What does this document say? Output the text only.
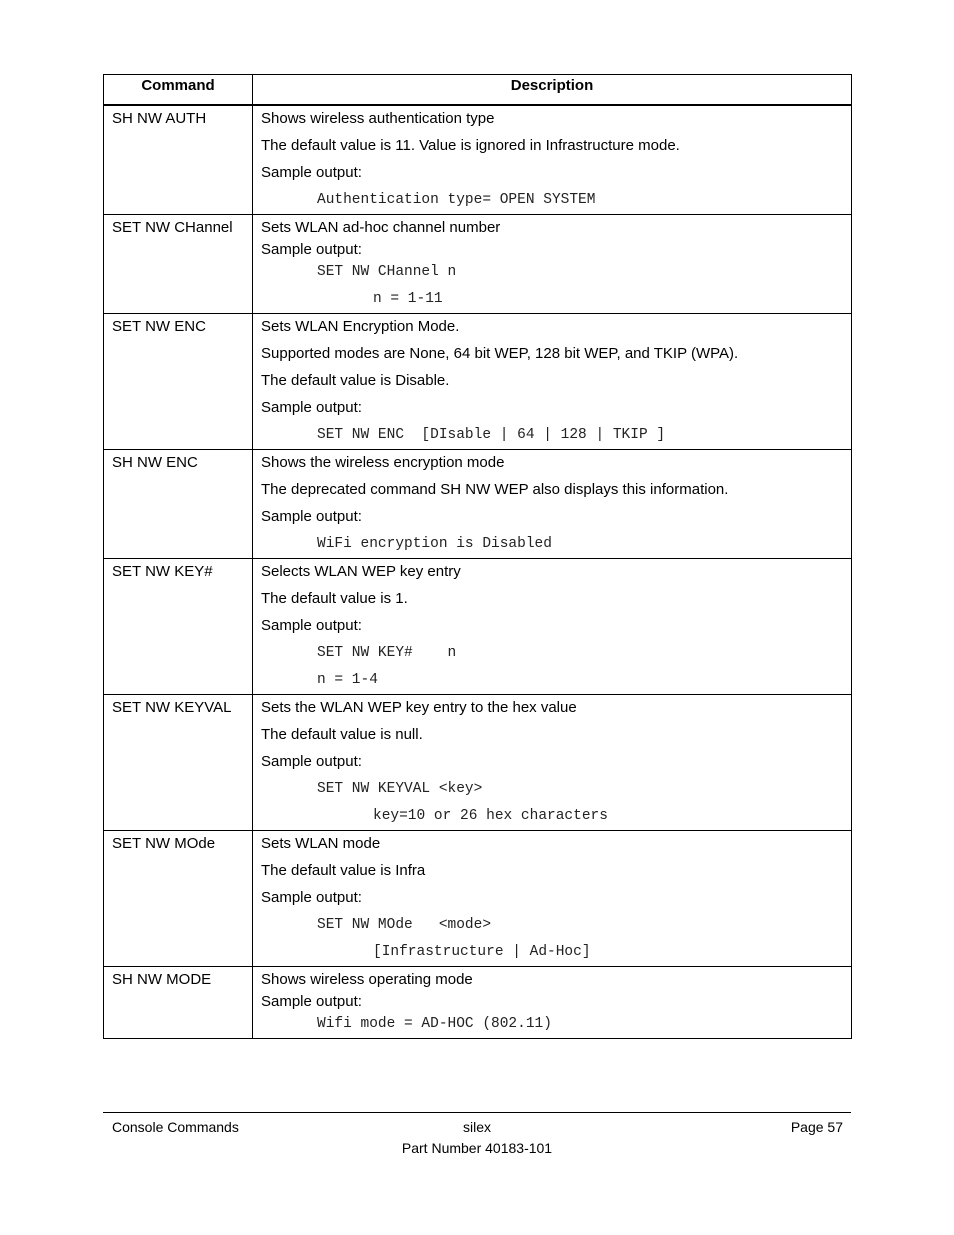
Command	Description
SH NW AUTH	Shows wireless authentication type
The default value is 11. Value is ignored in Infrastructure mode.
Sample output:
Authentication type= OPEN SYSTEM

SET NW CHannel	Sets WLAN ad-hoc channel number
Sample output:
SET NW CHannel n
n = 1-11

SET NW ENC	Sets WLAN Encryption Mode.
Supported modes are None, 64 bit WEP, 128 bit WEP, and TKIP (WPA).
The default value is Disable.
Sample output:
SET NW ENC  [DIsable | 64 | 128 | TKIP ]

SH NW ENC	Shows the wireless encryption mode
The deprecated command SH NW WEP also displays this information.
Sample output:
WiFi encryption is Disabled

SET NW KEY#	Selects WLAN WEP key entry
The default value is 1.
Sample output:
SET NW KEY#    n
n = 1-4

SET NW KEYVAL	Sets the WLAN WEP key entry to the hex value
The default value is null.
Sample output:
SET NW KEYVAL <key>
key=10 or 26 hex characters

SET NW MOde	Sets WLAN mode
The default value is Infra
Sample output:
SET NW MOde   <mode>
[Infrastructure | Ad-Hoc]

SH NW MODE	Shows wireless operating mode
Sample output:
Wifi mode = AD-HOC (802.11)
Console Commands	silex	Page 57
Part Number 40183-101
